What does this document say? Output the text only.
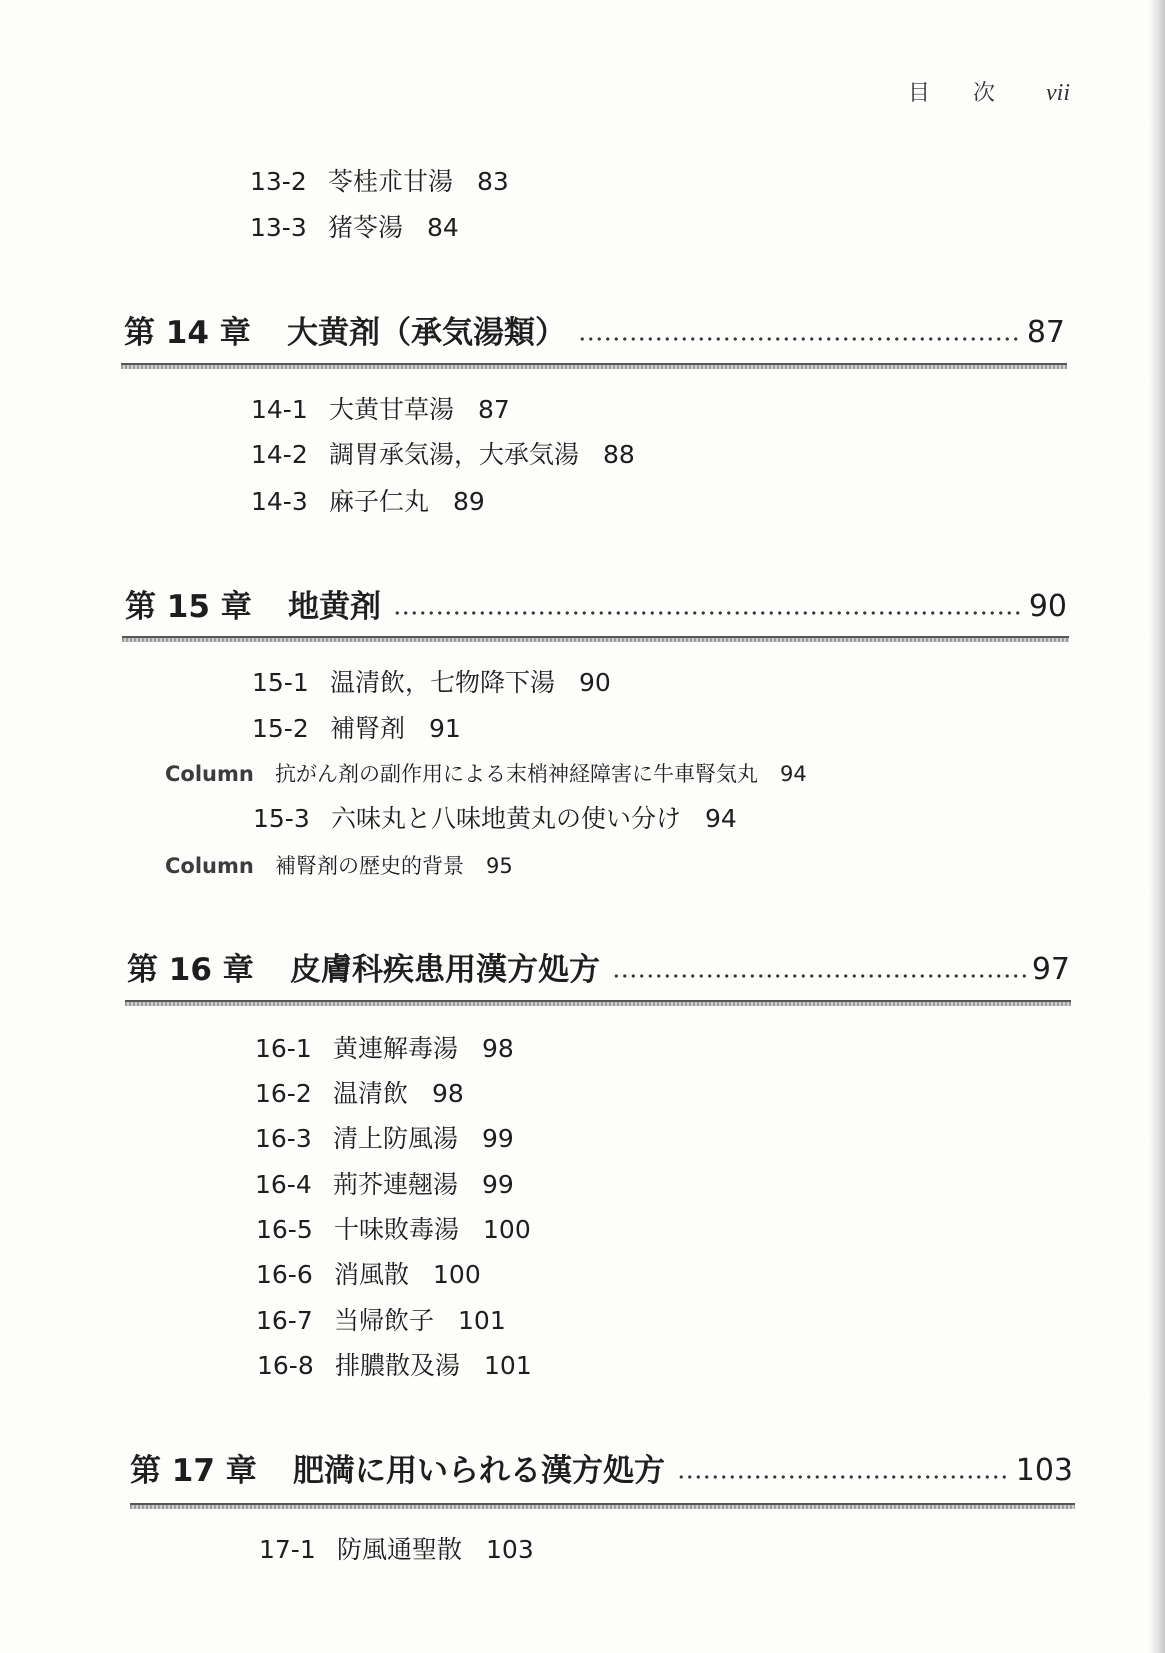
目 次 vii
13-2 苓桂朮甘湯 83
13-3 猪苓湯 84
第 14 章	大黄剤（承気湯類）	87
14-1 大黄甘草湯 87
14-2 調胃承気湯，大承気湯 88
14-3 麻子仁丸 89
第 15 章	地黄剤	90
15-1 温清飲，七物降下湯 90
15-2 補腎剤 91
Column 抗がん剤の副作用による末梢神経障害に牛車腎気丸 94
15-3 六味丸と八味地黄丸の使い分け 94
Column 補腎剤の歴史的背景 95
第 16 章	皮膚科疾患用漢方処方	97
16-1 黄連解毒湯 98
16-2 温清飲 98
16-3 清上防風湯 99
16-4 荊芥連翹湯 99
16-5 十味敗毒湯 100
16-6 消風散 100
16-7 当帰飲子 101
16-8 排膿散及湯 101
第 17 章	肥満に用いられる漢方処方	103
17-1 防風通聖散 103
